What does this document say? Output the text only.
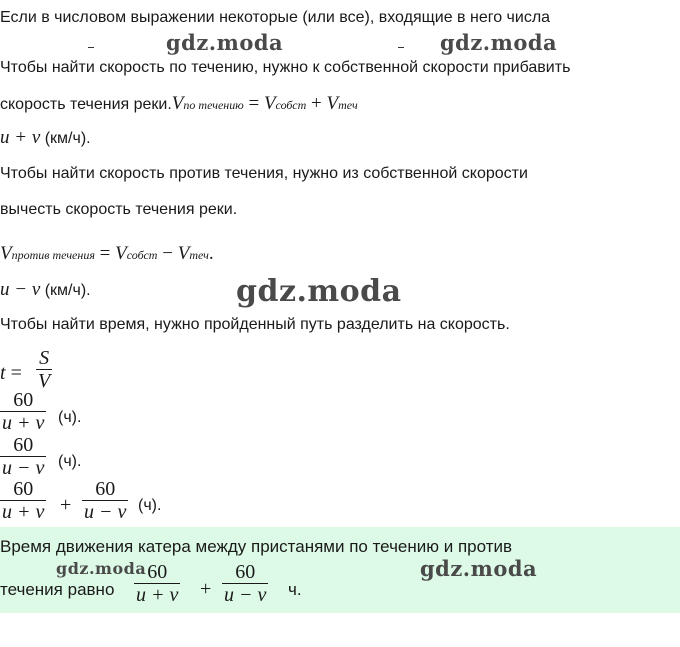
Если в числовом выражении некоторые (или все), входящие в него числа
gdz.moda	gdz.moda
Чтобы найти скорость по течению, нужно к собственной скорости прибавить
скорость течения реки.Vпо течению = Vсобст + Vтеч
u + v (км/ч).
Чтобы найти скорость против течения, нужно из собственной скорости
вычесть скорость течения реки.
Vпротив течения = Vсобст − Vтеч.
u − v (км/ч).	gdz.moda
Чтобы найти время, нужно пройденный путь разделить на скорость.
$t = \frac{S}{V}$
$\frac{60}{u + v} (ч)$.
$\frac{60}{u - v} (ч)$.
$\frac{60}{u + v} + \frac{60}{u - v} (ч)$.
Время движения катера между пристанями по течению и против
течения равно $\frac{60}{u + v} + \frac{60}{u - v} ч$.
gdz.moda	gdz.moda
